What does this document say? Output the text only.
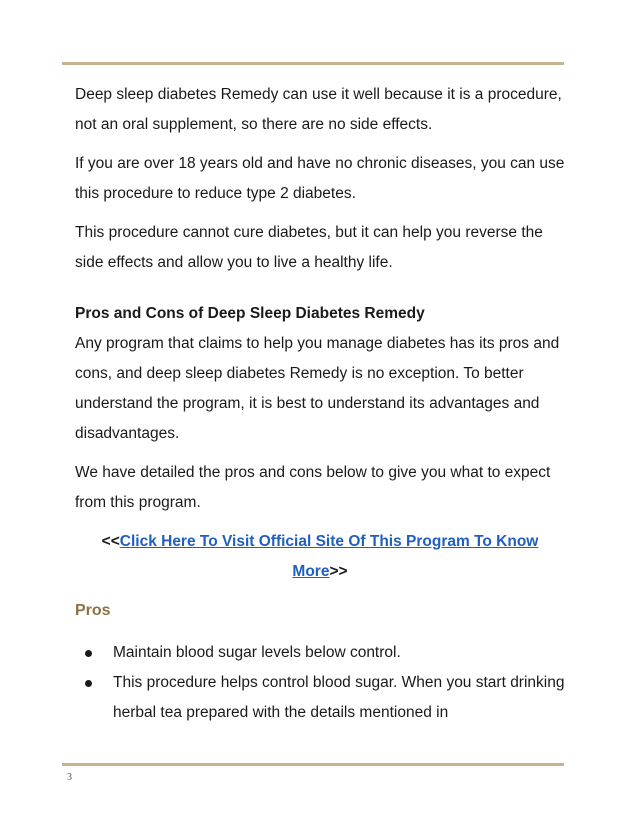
Deep sleep diabetes Remedy can use it well because it is a procedure, not an oral supplement, so there are no side effects.

If you are over 18 years old and have no chronic diseases, you can use this procedure to reduce type 2 diabetes.

This procedure cannot cure diabetes, but it can help you reverse the side effects and allow you to live a healthy life.

Pros and Cons of Deep Sleep Diabetes Remedy

Any program that claims to help you manage diabetes has its pros and cons, and deep sleep diabetes Remedy is no exception. To better understand the program, it is best to understand its advantages and disadvantages.

We have detailed the pros and cons below to give you what to expect from this program.

<<Click Here To Visit Official Site Of This Program To Know More>>
Pros
Maintain blood sugar levels below control.
This procedure helps control blood sugar. When you start drinking herbal tea prepared with the details mentioned in
3
